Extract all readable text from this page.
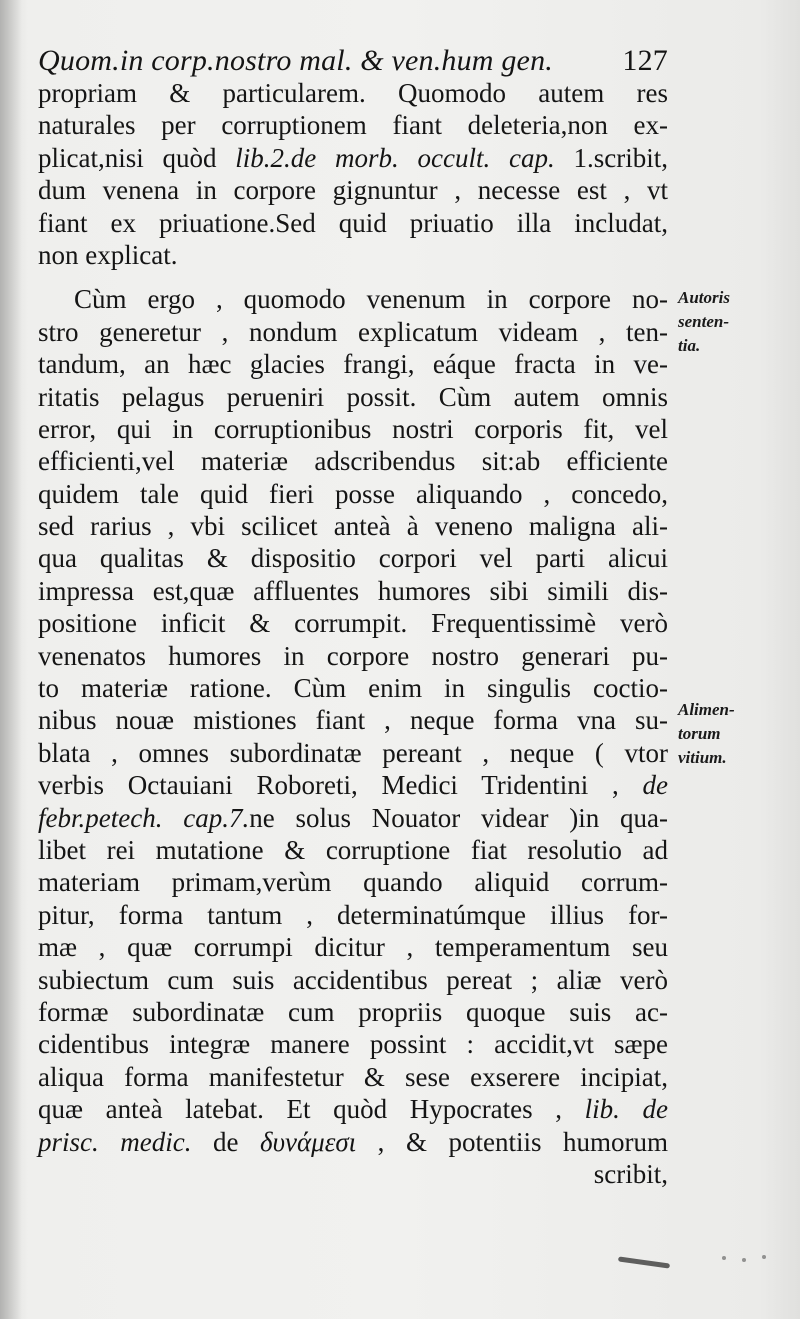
Quom.in corp.nostro mal. & ven.hum gen. 127
propriam & particularem. Quomodo autem res
naturales per corruptionem fiant deleteria,non ex-
plicat,nisi quòd lib.2.de morb. occult. cap. 1.scribit,
dum venena in corpore gignuntur , necesse est , vt
fiant ex priuatione.Sed quid priuatio illa includat,
non explicat.
Cùm ergo , quomodo venenum in corpore no-
stro generetur , nondum explicatum videam , ten-
tandum, an hæc glacies frangi, eáque fracta in ve-
ritatis pelagus perueniri possit. Cùm autem omnis
error, qui in corruptionibus nostri corporis fit, vel
efficienti,vel materiæ adscribendus sit:ab efficiente
quidem tale quid fieri posse aliquando , concedo,
sed rarius , vbi scilicet anteà à veneno maligna ali-
qua qualitas & dispositio corpori vel parti alicui
impressa est,quæ affluentes humores sibi simili dis-
positione inficit & corrumpit. Frequentissimè verò
venenatos humores in corpore nostro generari pu-
to materiæ ratione. Cùm enim in singulis coctio-
nibus nouæ mistiones fiant , neque forma vna su-
blata , omnes subordinatæ pereant , neque ( vtor
verbis Octauiani Roboreti, Medici Tridentini , de
febr.petech. cap.7.ne solus Nouator videar )in qua-
libet rei mutatione & corruptione fiat resolutio ad
materiam primam,verùm quando aliquid corrum-
pitur, forma tantum , determinatúmque illius for-
mæ , quæ corrumpi dicitur , temperamentum seu
subiectum cum suis accidentibus pereat ; aliæ verò
formæ subordinatæ cum propriis quoque suis ac-
cidentibus integræ manere possint : accidit,vt sæpe
aliqua forma manifestetur & sese exserere incipiat,
quæ anteà latebat. Et quòd Hypocrates , lib. de
prisc. medic. de δυνάμεσι , & potentiis humorum
scribit,
Autoris
senten-
tia.
Alimen-
torum
vitium.
